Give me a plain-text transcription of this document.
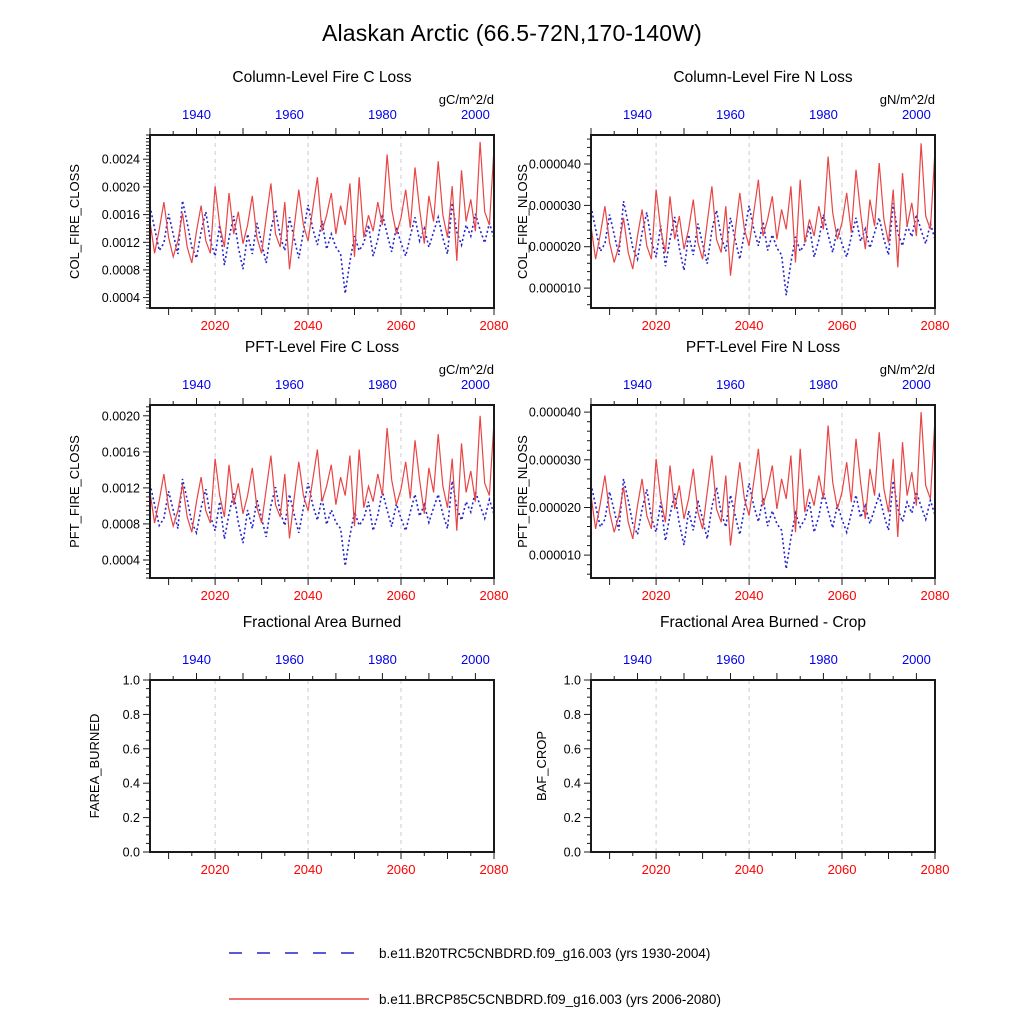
Alaskan Arctic (66.5-72N,170-140W)
1940	1960	1980	2000
2020	2040	2060	2080
0.0004
0.0008
0.0012
0.0016
0.0020
0.0024
Column-Level Fire C Loss
gC/m^2/d
COL_FIRE_CLOSS
1940	1960	1980	2000
2020	2040	2060	2080
0.000010
0.000020
0.000030
0.000040
Column-Level Fire N Loss
gN/m^2/d
COL_FIRE_NLOSS
1940	1960	1980	2000
2020	2040	2060	2080
0.0004
0.0008
0.0012
0.0016
0.0020
PFT-Level Fire C Loss
gC/m^2/d
PFT_FIRE_CLOSS
1940	1960	1980	2000
2020	2040	2060	2080
0.000010
0.000020
0.000030
0.000040
PFT-Level Fire N Loss
gN/m^2/d
PFT_FIRE_NLOSS
1940	1960	1980	2000
2020	2040	2060	2080
0.0
0.2
0.4
0.6
0.8
1.0
Fractional Area Burned
FAREA_BURNED
1940	1960	1980	2000
2020	2040	2060	2080
0.0
0.2
0.4
0.6
0.8
1.0
Fractional Area Burned - Crop
BAF_CROP
b.e11.B20TRC5CNBDRD.f09_g16.003 (yrs 1930-2004)
b.e11.BRCP85C5CNBDRD.f09_g16.003 (yrs 2006-2080)
